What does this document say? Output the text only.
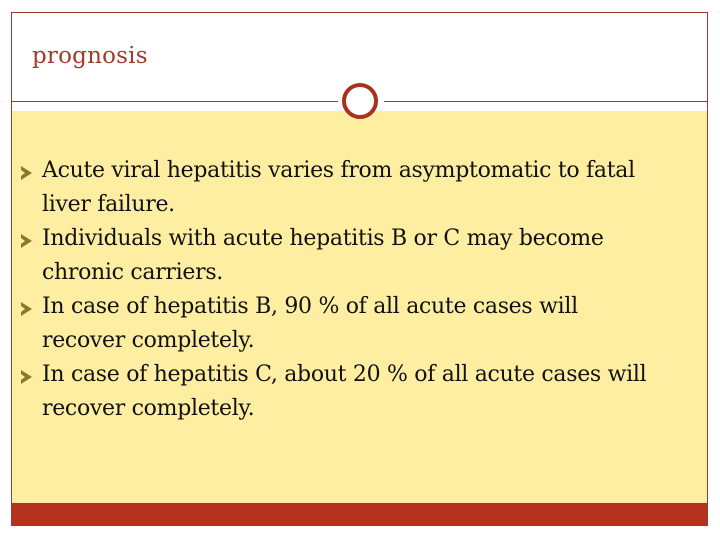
prognosis
Acute viral hepatitis varies from asymptomatic to fatal liver failure.
Individuals with acute hepatitis B or C may become chronic carriers.
In case of hepatitis B, 90 % of all acute cases will recover completely.
In case of hepatitis C, about 20 % of all acute cases will recover completely.
